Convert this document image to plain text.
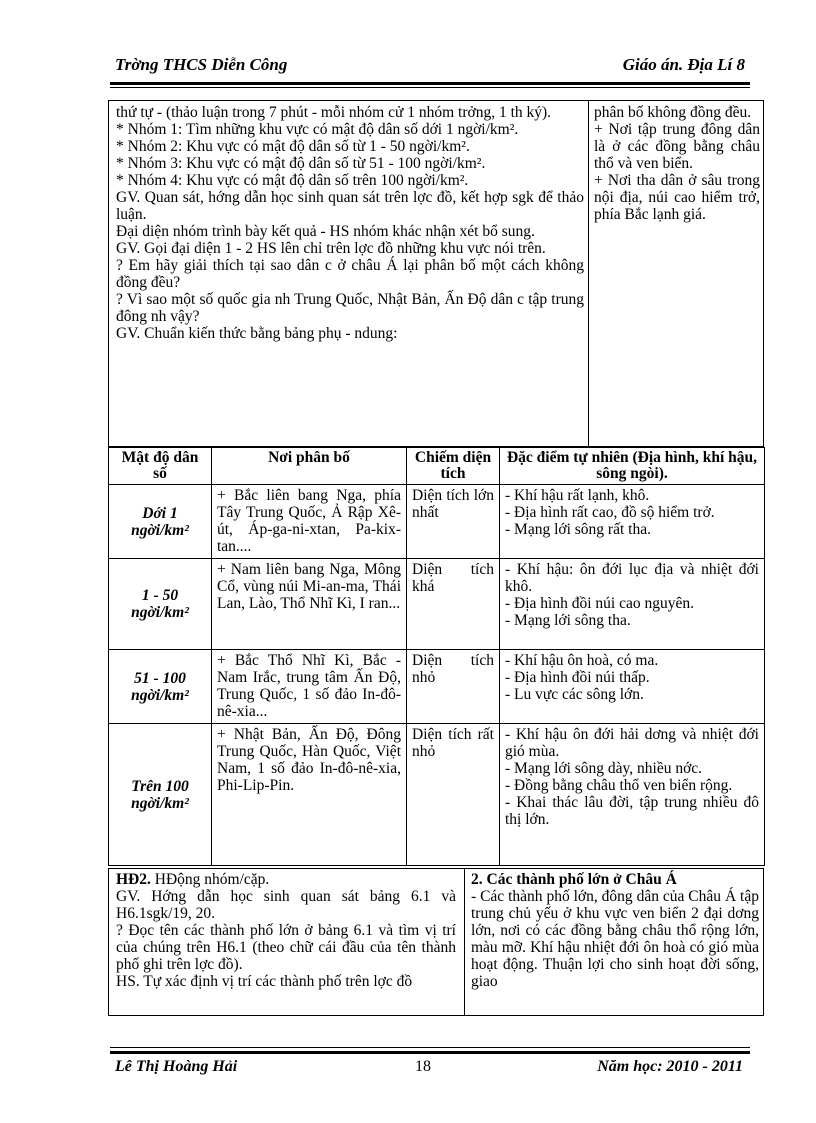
Trờng THCS Diễn Công	Giáo án. Địa Lí 8

thứ tự - (thảo luận trong 7 phút - mỗi nhóm cử 1 nhóm trởng, 1 th ký).

* Nhóm 1: Tìm những khu vực có mật độ dân số dới 1 ngời/km².

* Nhóm 2: Khu vực có mật độ dân số từ 1 - 50 ngời/km².

* Nhóm 3: Khu vực có mật độ dân số từ 51 - 100 ngời/km².

* Nhóm 4: Khu vực có mật độ dân số trên 100 ngời/km².

GV. Quan sát, hớng dẫn học sinh quan sát trên lợc đồ, kết hợp sgk để thảo luận.

Đại diện nhóm trình bày kết quả - HS nhóm khác nhận xét bổ sung.

GV. Gọi đại diện 1 - 2 HS lên chỉ trên lợc đồ những khu vực nói trên.

? Em hãy giải thích tại sao dân c ở châu Á lại phân bố một cách không đồng đều?

? Vì sao một số quốc gia nh Trung Quốc, Nhật Bản, Ấn Độ dân c tập trung đông nh vậy?

GV. Chuẩn kiến thức bằng bảng phụ - ndung:

phân bố không đồng đều.

+ Nơi tập trung đông dân là ở các đồng bằng châu thổ và ven biển.

+ Nơi tha dân ở sâu trong nội địa, núi cao hiểm trở, phía Bắc lạnh giá.

Mật độ dân số	Nơi phân bố	Chiếm diện tích	Đặc điểm tự nhiên (Địa hình, khí hậu, sông ngòi).
Dới 1 ngời/km²	+ Bắc liên bang Nga, phía Tây Trung Quốc, Ả Rập Xê-út, Áp-ga-ni-xtan, Pa-kix-tan....	Diện tích lớn nhất	- Khí hậu rất lạnh, khô.

- Địa hình rất cao, đồ sộ hiểm trở.

- Mạng lới sông rất tha.

1 - 50 ngời/km²	+ Nam liên bang Nga, Mông Cổ, vùng núi Mi-an-ma, Thái Lan, Lào, Thổ Nhĩ Kì, I ran...	Diện tích khá	- Khí hậu: ôn đới lục địa và nhiệt đới khô.

- Địa hình đồi núi cao nguyên.

- Mạng lới sông tha.

51 - 100 ngời/km²	+ Bắc Thổ Nhĩ Kì, Bắc - Nam Irắc, trung tâm Ấn Độ, Trung Quốc, 1 số đảo In-đô-nê-xia...	Diện tích nhỏ	- Khí hậu ôn hoà, có ma.

- Địa hình đồi núi thấp.

- Lu vực các sông lớn.

Trên 100 ngời/km²	+ Nhật Bản, Ấn Độ, Đông Trung Quốc, Hàn Quốc, Việt Nam, 1 số đảo In-đô-nê-xia, Phi-Lip-Pin.	Diện tích rất nhỏ	- Khí hậu ôn đới hải dơng và nhiệt đới gió mùa.

- Mạng lới sông dày, nhiều nớc.

- Đồng bằng châu thổ ven biển rộng.

- Khai thác lâu đời, tập trung nhiều đô thị lớn.

HĐ2. HĐộng nhóm/cặp.

GV. Hớng dẫn học sinh quan sát bảng 6.1 và H6.1sgk/19, 20.

? Đọc tên các thành phố lớn ở bảng 6.1 và tìm vị trí của chúng trên H6.1 (theo chữ cái đầu của tên thành phố ghi trên lợc đồ).

HS. Tự xác định vị trí các thành phố trên lợc đồ

2. Các thành phố lớn ở Châu Á

- Các thành phố lớn, đông dân của Châu Á tập trung chủ yếu ở khu vực ven biển 2 đại dơng lớn, nơi có các đồng bằng châu thổ rộng lớn, màu mỡ. Khí hậu nhiệt đới ôn hoà có gió mùa hoạt động. Thuận lợi cho sinh hoạt đời sống, giao

Lê Thị Hoàng Hải	18	Năm học: 2010 - 2011
